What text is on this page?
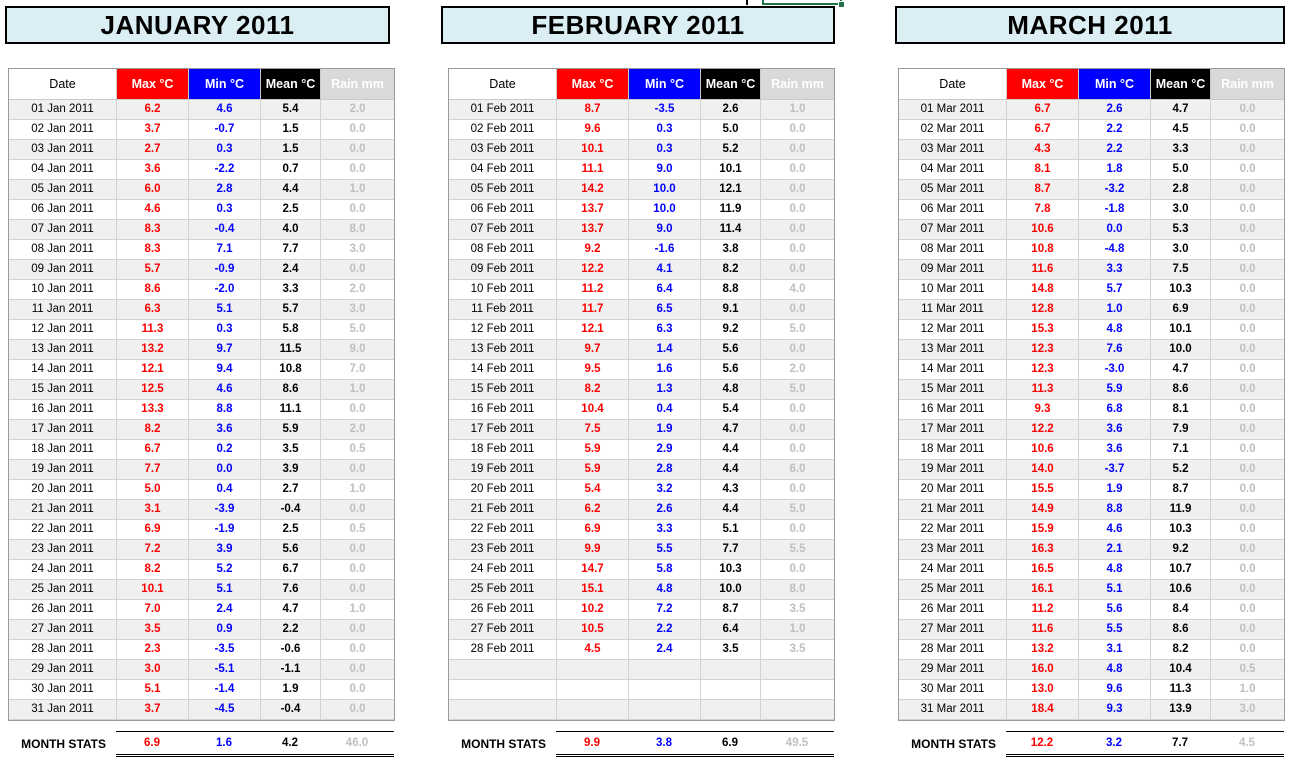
JANUARY 2011
Date	Max °C	Min °C	Mean °C	Rain mm
01 Jan 2011	6.2	4.6	5.4	2.0
02 Jan 2011	3.7	-0.7	1.5	0.0
03 Jan 2011	2.7	0.3	1.5	0.0
04 Jan 2011	3.6	-2.2	0.7	0.0
05 Jan 2011	6.0	2.8	4.4	1.0
06 Jan 2011	4.6	0.3	2.5	0.0
07 Jan 2011	8.3	-0.4	4.0	8.0
08 Jan 2011	8.3	7.1	7.7	3.0
09 Jan 2011	5.7	-0.9	2.4	0.0
10 Jan 2011	8.6	-2.0	3.3	2.0
11 Jan 2011	6.3	5.1	5.7	3.0
12 Jan 2011	11.3	0.3	5.8	5.0
13 Jan 2011	13.2	9.7	11.5	9.0
14 Jan 2011	12.1	9.4	10.8	7.0
15 Jan 2011	12.5	4.6	8.6	1.0
16 Jan 2011	13.3	8.8	11.1	0.0
17 Jan 2011	8.2	3.6	5.9	2.0
18 Jan 2011	6.7	0.2	3.5	0.5
19 Jan 2011	7.7	0.0	3.9	0.0
20 Jan 2011	5.0	0.4	2.7	1.0
21 Jan 2011	3.1	-3.9	-0.4	0.0
22 Jan 2011	6.9	-1.9	2.5	0.5
23 Jan 2011	7.2	3.9	5.6	0.0
24 Jan 2011	8.2	5.2	6.7	0.0
25 Jan 2011	10.1	5.1	7.6	0.0
26 Jan 2011	7.0	2.4	4.7	1.0
27 Jan 2011	3.5	0.9	2.2	0.0
28 Jan 2011	2.3	-3.5	-0.6	0.0
29 Jan 2011	3.0	-5.1	-1.1	0.0
30 Jan 2011	5.1	-1.4	1.9	0.0
31 Jan 2011	3.7	-4.5	-0.4	0.0
MONTH STATS	6.9	1.6	4.2	46.0
FEBRUARY 2011
Date	Max °C	Min °C	Mean °C	Rain mm
01 Feb 2011	8.7	-3.5	2.6	1.0
02 Feb 2011	9.6	0.3	5.0	0.0
03 Feb 2011	10.1	0.3	5.2	0.0
04 Feb 2011	11.1	9.0	10.1	0.0
05 Feb 2011	14.2	10.0	12.1	0.0
06 Feb 2011	13.7	10.0	11.9	0.0
07 Feb 2011	13.7	9.0	11.4	0.0
08 Feb 2011	9.2	-1.6	3.8	0.0
09 Feb 2011	12.2	4.1	8.2	0.0
10 Feb 2011	11.2	6.4	8.8	4.0
11 Feb 2011	11.7	6.5	9.1	0.0
12 Feb 2011	12.1	6.3	9.2	5.0
13 Feb 2011	9.7	1.4	5.6	0.0
14 Feb 2011	9.5	1.6	5.6	2.0
15 Feb 2011	8.2	1.3	4.8	5.0
16 Feb 2011	10.4	0.4	5.4	0.0
17 Feb 2011	7.5	1.9	4.7	0.0
18 Feb 2011	5.9	2.9	4.4	0.0
19 Feb 2011	5.9	2.8	4.4	6.0
20 Feb 2011	5.4	3.2	4.3	0.0
21 Feb 2011	6.2	2.6	4.4	5.0
22 Feb 2011	6.9	3.3	5.1	0.0
23 Feb 2011	9.9	5.5	7.7	5.5
24 Feb 2011	14.7	5.8	10.3	0.0
25 Feb 2011	15.1	4.8	10.0	8.0
26 Feb 2011	10.2	7.2	8.7	3.5
27 Feb 2011	10.5	2.2	6.4	1.0
28 Feb 2011	4.5	2.4	3.5	3.5
MONTH STATS	9.9	3.8	6.9	49.5
MARCH 2011
Date	Max °C	Min °C	Mean °C	Rain mm
01 Mar 2011	6.7	2.6	4.7	0.0
02 Mar 2011	6.7	2.2	4.5	0.0
03 Mar 2011	4.3	2.2	3.3	0.0
04 Mar 2011	8.1	1.8	5.0	0.0
05 Mar 2011	8.7	-3.2	2.8	0.0
06 Mar 2011	7.8	-1.8	3.0	0.0
07 Mar 2011	10.6	0.0	5.3	0.0
08 Mar 2011	10.8	-4.8	3.0	0.0
09 Mar 2011	11.6	3.3	7.5	0.0
10 Mar 2011	14.8	5.7	10.3	0.0
11 Mar 2011	12.8	1.0	6.9	0.0
12 Mar 2011	15.3	4.8	10.1	0.0
13 Mar 2011	12.3	7.6	10.0	0.0
14 Mar 2011	12.3	-3.0	4.7	0.0
15 Mar 2011	11.3	5.9	8.6	0.0
16 Mar 2011	9.3	6.8	8.1	0.0
17 Mar 2011	12.2	3.6	7.9	0.0
18 Mar 2011	10.6	3.6	7.1	0.0
19 Mar 2011	14.0	-3.7	5.2	0.0
20 Mar 2011	15.5	1.9	8.7	0.0
21 Mar 2011	14.9	8.8	11.9	0.0
22 Mar 2011	15.9	4.6	10.3	0.0
23 Mar 2011	16.3	2.1	9.2	0.0
24 Mar 2011	16.5	4.8	10.7	0.0
25 Mar 2011	16.1	5.1	10.6	0.0
26 Mar 2011	11.2	5.6	8.4	0.0
27 Mar 2011	11.6	5.5	8.6	0.0
28 Mar 2011	13.2	3.1	8.2	0.0
29 Mar 2011	16.0	4.8	10.4	0.5
30 Mar 2011	13.0	9.6	11.3	1.0
31 Mar 2011	18.4	9.3	13.9	3.0
MONTH STATS	12.2	3.2	7.7	4.5
